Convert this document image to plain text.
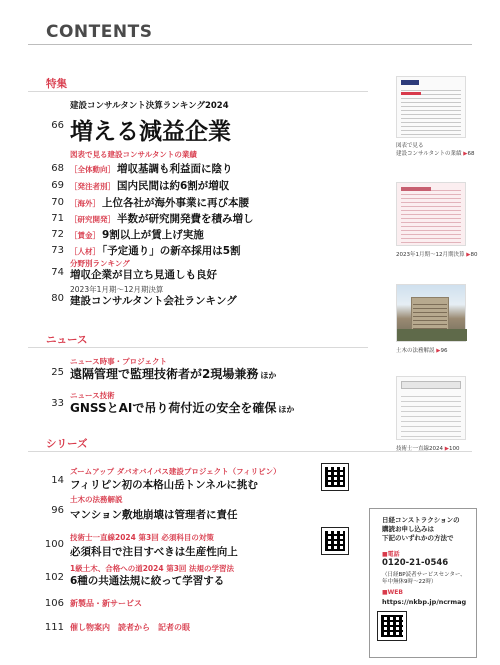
CONTENTS
特集
建設コンサルタント決算ランキング2024
66 増える減益企業
図表で見る建設コンサルタントの業績
68 ［全体動向］ 増収基調も利益面に陰り
69 ［発注者別］ 国内民間は約6割が増収
70 ［海外］ 上位各社が海外事業に再び本腰
71 ［研究開発］ 半数が研究開発費を積み増し
72 ［賃金］ 9割以上が賃上げ実施
73 ［人材］ 「予定通り」の新卒採用は5割
分野別ランキング
74 増収企業が目立ち見通しも良好
2023年1月期～12月期決算
80 建設コンサルタント会社ランキング
ニュース
ニュース時事・プロジェクト
25 遠隔管理で監理技術者が2現場兼務 ほか
ニュース技術
33 GNSSとAIで吊り荷付近の安全を確保 ほか
シリーズ
ズームアップ ダバオバイパス建設プロジェクト（フィリピン）
14 フィリピン初の本格山岳トンネルに挑む
土木の法務解説
96 マンション敷地崩壊は管理者に責任
技術士一直線2024 第3回 必須科目の対策
100
必須科目で注目すべきは生産性向上
1級土木、合格への道2024 第3回 法規の学習法
102 6種の共通法規に絞って学習する
106 新製品・新サービス
111 催し物案内　読者から　記者の眼
図表で見る
建設コンサルタントの業績 ▶68
2023年1月期～12月期決算 ▶80
土木の法務解説 ▶96
技術士一直線2024 ▶100
日経コンストラクションの
購読お申し込みは
下記のいずれかの方法で
■電話
0120-21-0546
（日経BP読者サービスセンター、
年中無休9時～22時）
■WEB
https://nkbp.jp/ncrmag
